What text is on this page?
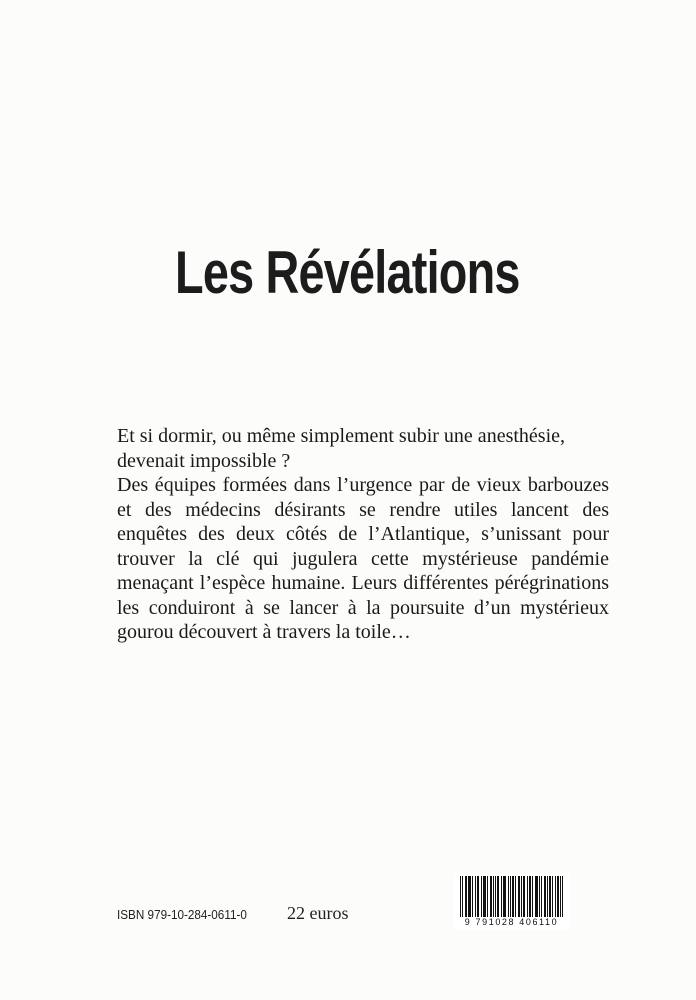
Les Révélations

Et si dormir, ou même simplement subir une anesthésie,

devenait impossible ?

Des équipes formées dans l’urgence par de vieux barbouzes et des médecins désirants se rendre utiles lancent des enquêtes des deux côtés de l’Atlantique, s’unissant pour trouver la clé qui jugulera cette mystérieuse pandémie menaçant l’espèce humaine. Leurs différentes pérégrinations les conduiront à se lancer à la poursuite d’un mystérieux gourou découvert à travers la toile…

ISBN 979-10-284-0611-0 22 euros	9 791028 406110
